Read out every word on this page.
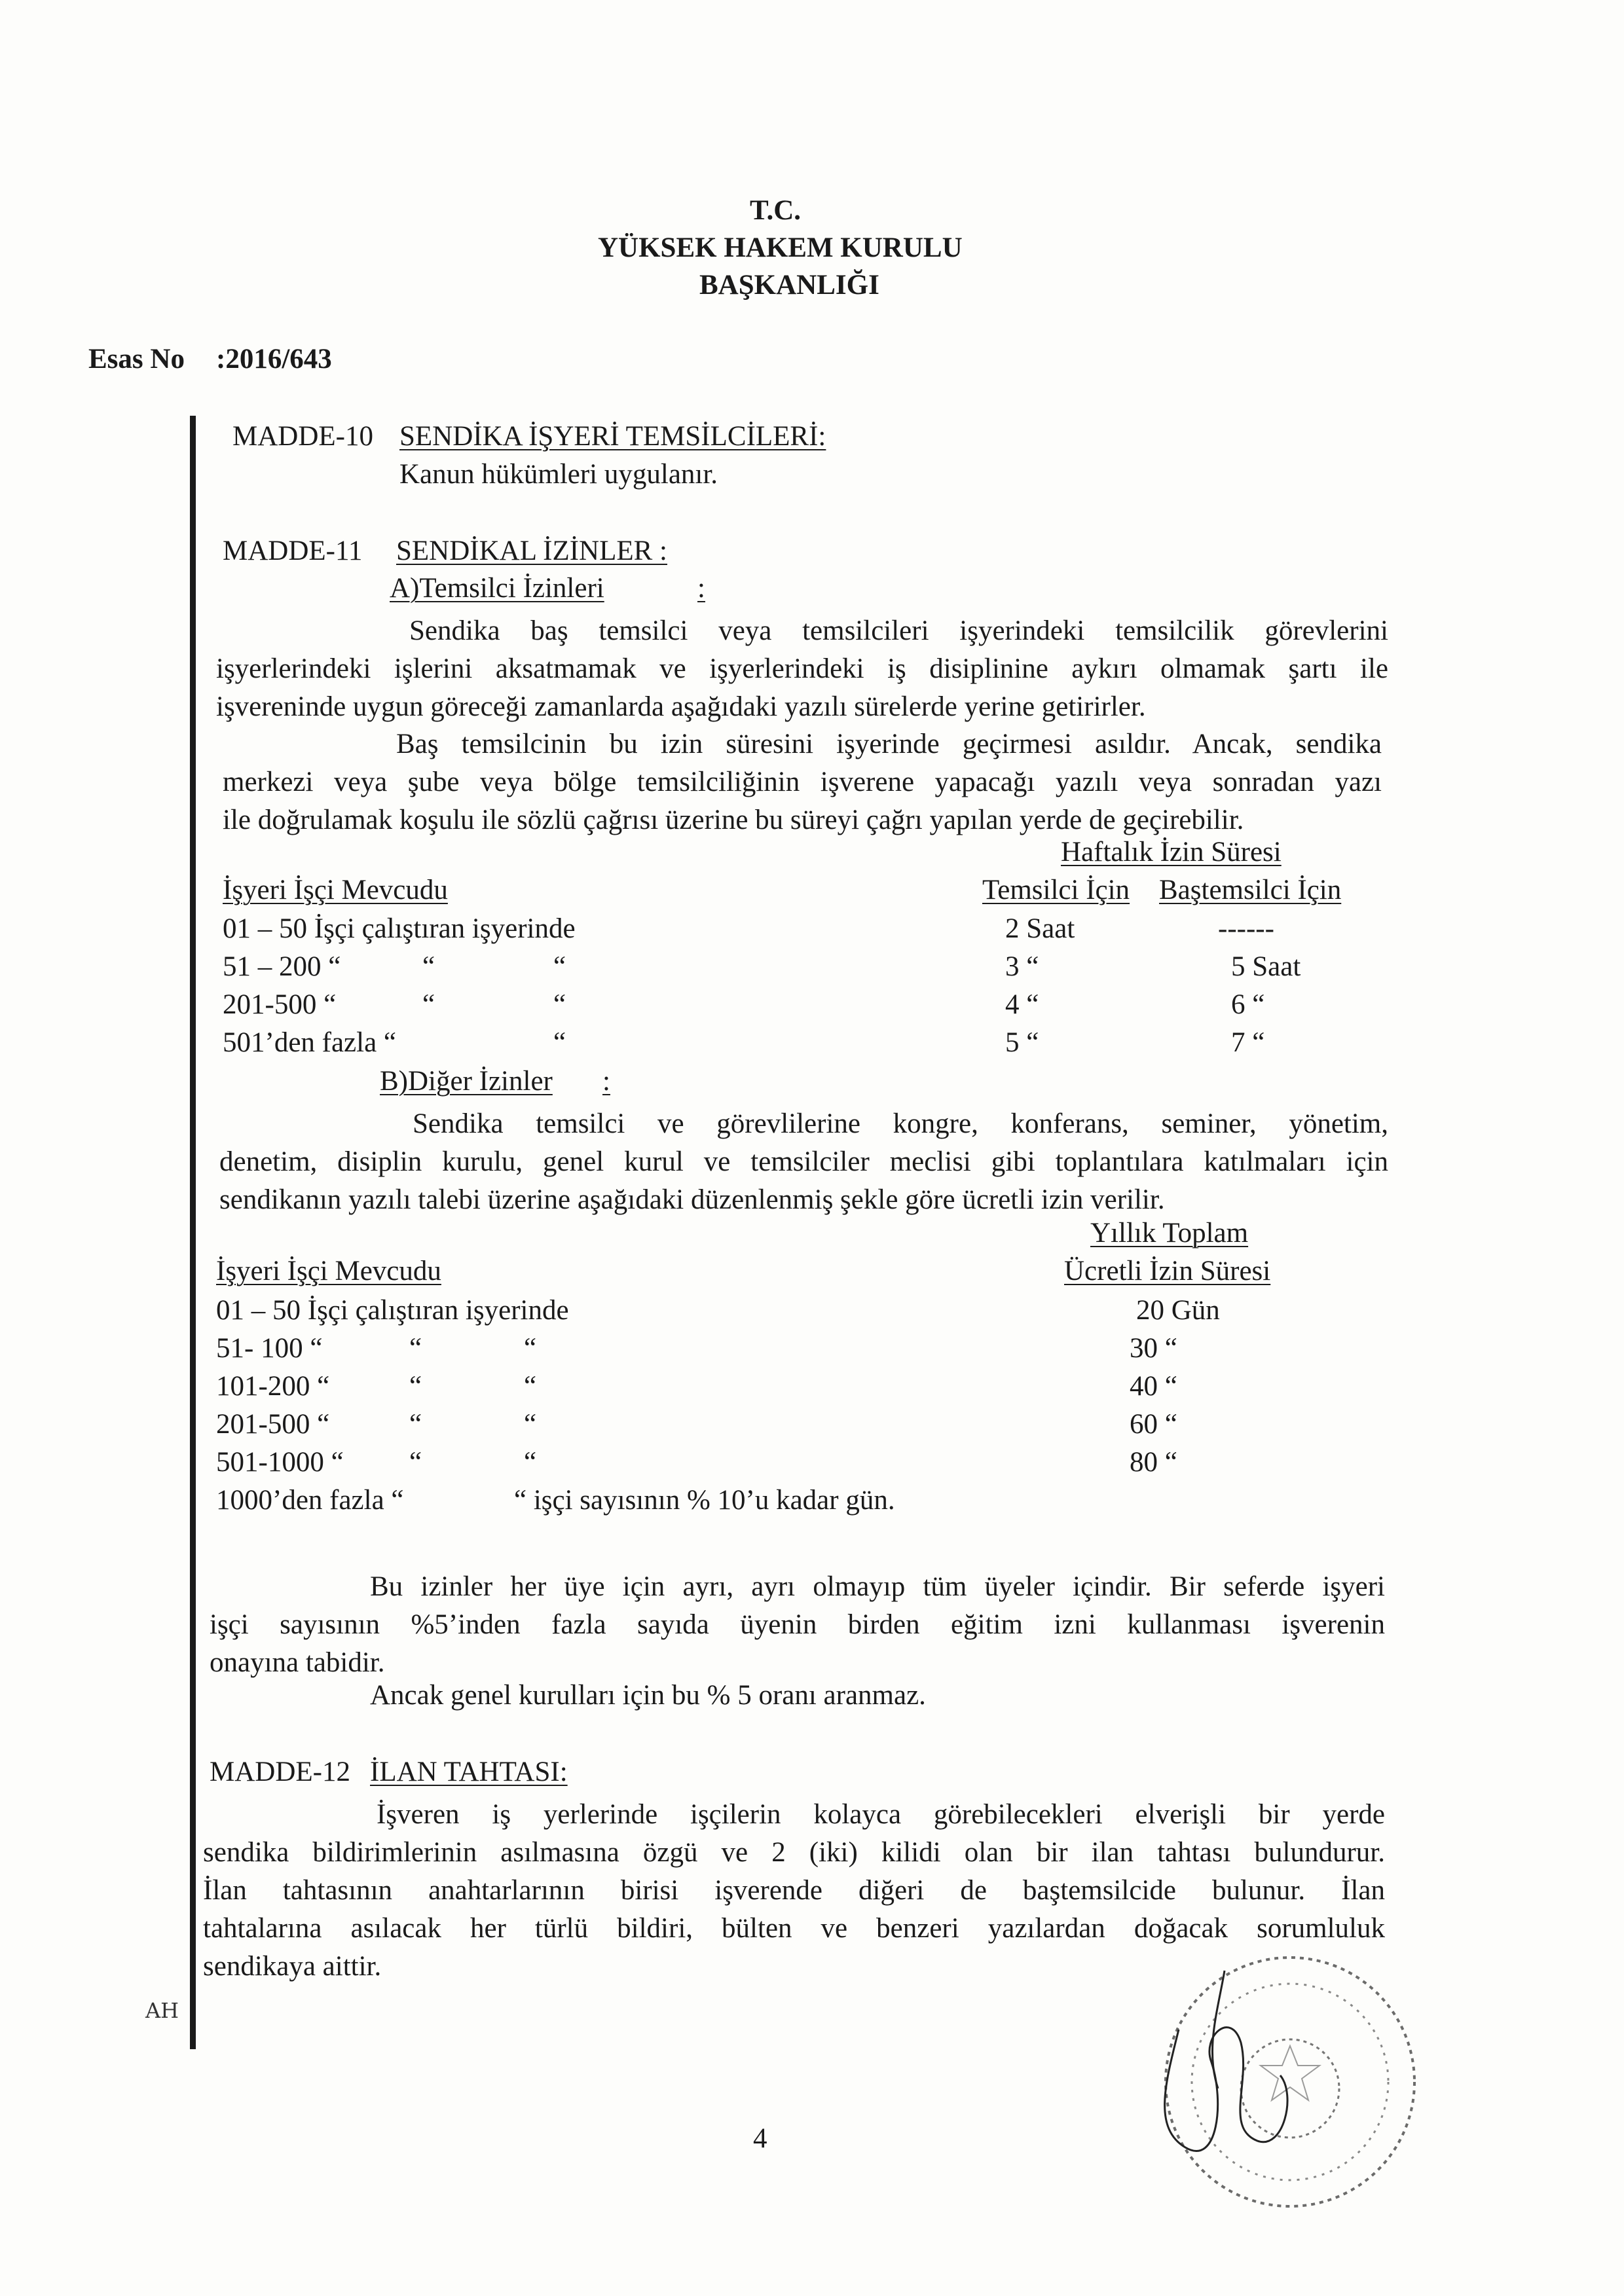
T.C.
YÜKSEK HAKEM KURULU
BAŞKANLIĞI
Esas No :2016/643
MADDE-10 SENDİKA İŞYERİ TEMSİLCİLERİ:
Kanun hükümleri uygulanır.
MADDE-11 SENDİKAL İZİNLER :
A)Temsilci İzinleri	:
Sendika baş temsilci veya temsilcileri işyerindeki temsilcilik görevlerini
işyerlerindeki işlerini aksatmamak ve işyerlerindeki iş disiplinine aykırı olmamak şartı ile
işvereninde uygun göreceği zamanlarda aşağıdaki yazılı sürelerde yerine getirirler.
Baş temsilcinin bu izin süresini işyerinde geçirmesi asıldır. Ancak, sendika
merkezi veya şube veya bölge temsilciliğinin işverene yapacağı yazılı veya sonradan yazı
ile doğrulamak koşulu ile sözlü çağrısı üzerine bu süreyi çağrı yapılan yerde de geçirebilir.
Haftalık İzin Süresi
İşyeri İşçi Mevcudu	Temsilci İçin Baştemsilci İçin
01 – 50 İşçi çalıştıran işyerinde	2 Saat	------
51 – 200 “	“	“	3 “	5 Saat
201-500 “	“	“	4 “	6 “
501’den fazla “	“	5 “	7 “
B)Diğer İzinler :
Sendika temsilci ve görevlilerine kongre, konferans, seminer, yönetim,
denetim, disiplin kurulu, genel kurul ve temsilciler meclisi gibi toplantılara katılmaları için
sendikanın yazılı talebi üzerine aşağıdaki düzenlenmiş şekle göre ücretli izin verilir.
Yıllık Toplam
İşyeri İşçi Mevcudu	Ücretli İzin Süresi
01 – 50 İşçi çalıştıran işyerinde	20 Gün
51- 100 “	“	“	30 “
101-200 “	“	“	40 “
201-500 “	“	“	60 “
501-1000 “ “	“	80 “
1000’den fazla “	“ işçi sayısının % 10’u kadar gün.
Bu izinler her üye için ayrı, ayrı olmayıp tüm üyeler içindir. Bir seferde işyeri
işçi sayısının %5’inden fazla sayıda üyenin birden eğitim izni kullanması işverenin
onayına tabidir.
Ancak genel kurulları için bu % 5 oranı aranmaz.
MADDE-12 İLAN TAHTASI:
İşveren iş yerlerinde işçilerin kolayca görebilecekleri elverişli bir yerde
sendika bildirimlerinin asılmasına özgü ve 2 (iki) kilidi olan bir ilan tahtası bulundurur.
İlan tahtasının anahtarlarının birisi işverende diğeri de baştemsilcide bulunur. İlan
tahtalarına asılacak her türlü bildiri, bülten ve benzeri yazılardan doğacak sorumluluk
sendikaya aittir.
AH
4
